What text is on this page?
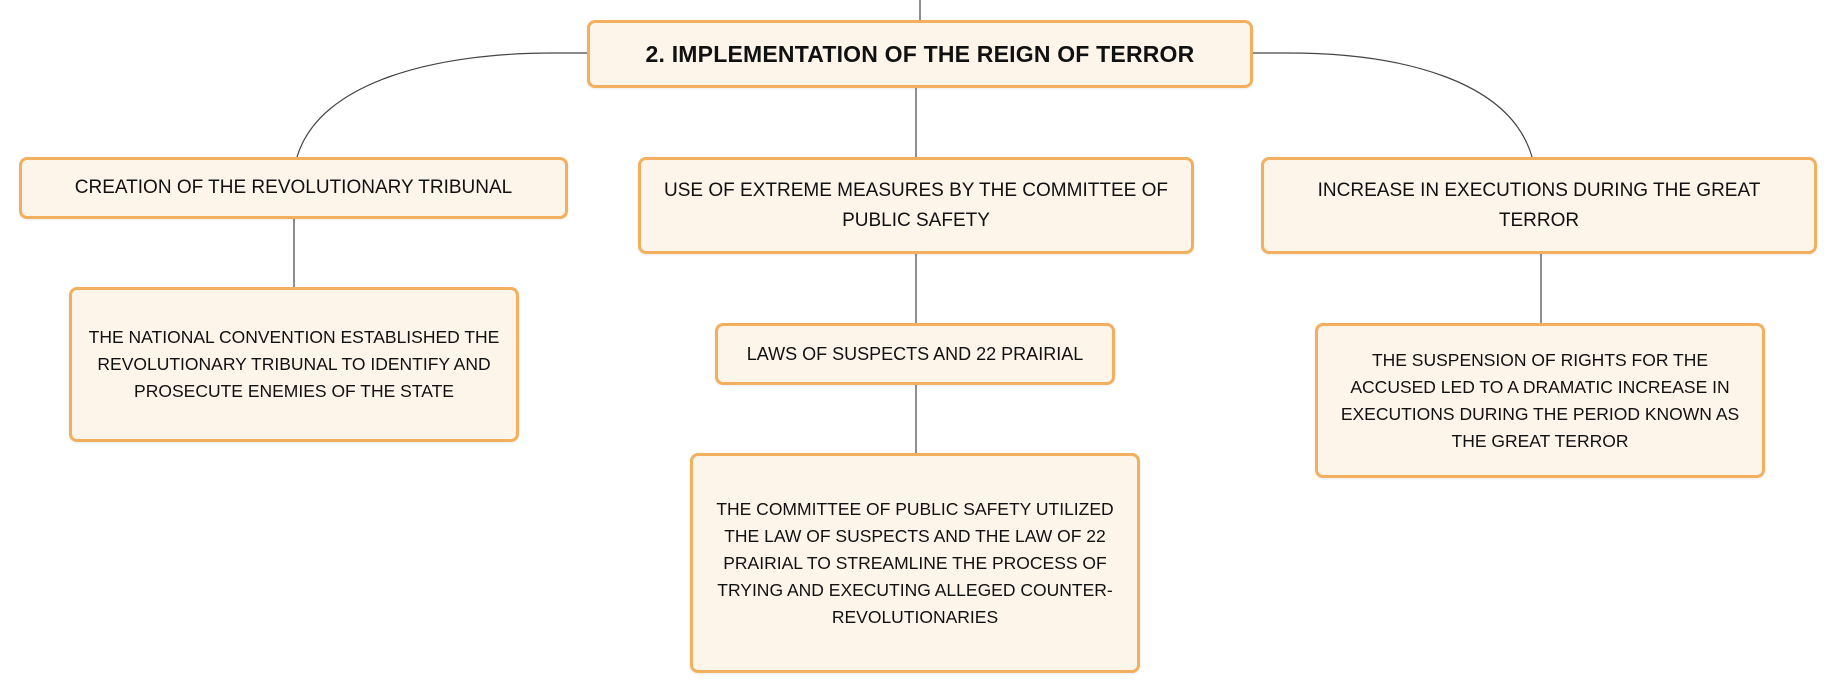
2. IMPLEMENTATION OF THE REIGN OF TERROR
CREATION OF THE REVOLUTIONARY TRIBUNAL	USE OF EXTREME MEASURES BY THE COMMITTEE OF PUBLIC SAFETY
INCREASE IN EXECUTIONS DURING THE GREAT TERROR
THE NATIONAL CONVENTION ESTABLISHED THE REVOLUTIONARY TRIBUNAL TO IDENTIFY AND PROSECUTE ENEMIES OF THE STATE
LAWS OF SUSPECTS AND 22 PRAIRIAL
THE COMMITTEE OF PUBLIC SAFETY UTILIZED THE LAW OF SUSPECTS AND THE LAW OF 22 PRAIRIAL TO STREAMLINE THE PROCESS OF TRYING AND EXECUTING ALLEGED COUNTER-REVOLUTIONARIES
THE SUSPENSION OF RIGHTS FOR THE ACCUSED LED TO A DRAMATIC INCREASE IN EXECUTIONS DURING THE PERIOD KNOWN AS THE GREAT TERROR
